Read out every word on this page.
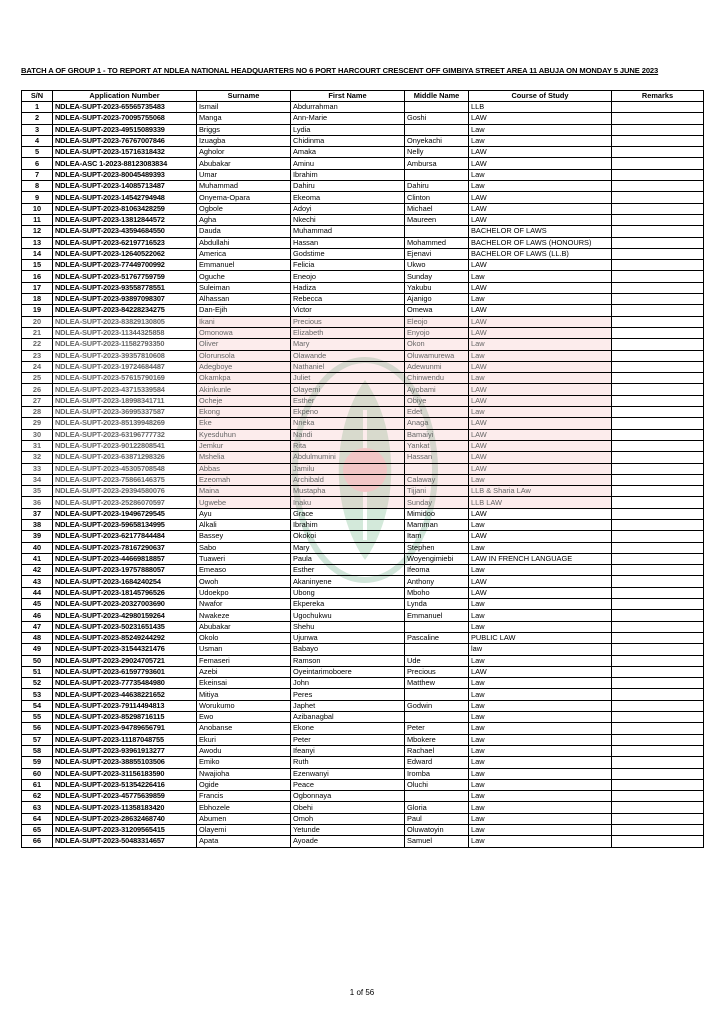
BATCH A OF GROUP 1 - TO REPORT AT NDLEA NATIONAL HEADQUARTERS NO 6 PORT HARCOURT CRESCENT OFF GIMBIYA STREET AREA 11 ABUJA ON MONDAY 5 JUNE 2023
S/N	Application Number	Surname	First Name	Middle Name	Course of Study	Remarks
1	NDLEA-SUPT-2023-65565735483	Ismail	Abdurrahman		LLB	
2	NDLEA-SUPT-2023-70095755068	Manga	Ann-Marie	Goshi	LAW	
3	NDLEA-SUPT-2023-49515089339	Briggs	Lydia		Law	
4	NDLEA-SUPT-2023-76767007846	Izuagba	Chidinma	Onyekachi	Law	
5	NDLEA-SUPT-2023-15716318432	Agholor	Amaka	Nelly	LAW	
6	NDLEA-ASC 1-2023-88123083834	Abubakar	Aminu	Ambursa	LAW	
7	NDLEA-SUPT-2023-80045489393	Umar	Ibrahim		Law	
8	NDLEA-SUPT-2023-14085713487	Muhammad	Dahiru	Dahiru	Law	
9	NDLEA-SUPT-2023-14542794948	Onyema-Opara	Ekeoma	Clinton	LAW	
10	NDLEA-SUPT-2023-81063428259	Ogbole	Adoyi	Michael	LAW	
11	NDLEA-SUPT-2023-13812844572	Agha	Nkechi	Maureen	LAW	
12	NDLEA-SUPT-2023-43594684550	Dauda	Muhammad		BACHELOR OF LAWS	
13	NDLEA-SUPT-2023-62197716523	Abdullahi	Hassan	Mohammed	BACHELOR OF LAWS (HONOURS)	
14	NDLEA-SUPT-2023-12640522062	America	Godstime	Ejenavi	BACHELOR OF LAWS (LL.B)	
15	NDLEA-SUPT-2023-77449700992	Emmanuel	Felicia	Ukwo	LAW	
16	NDLEA-SUPT-2023-51767759759	Oguche	Eneojo	Sunday	Law	
17	NDLEA-SUPT-2023-93558778551	Suleiman	Hadiza	Yakubu	LAW	
18	NDLEA-SUPT-2023-93897098307	Alhassan	Rebecca	Ajanigo	Law	
19	NDLEA-SUPT-2023-84228234275	Dan-Ejih	Victor	Omewa	LAW	
20	NDLEA-SUPT-2023-83829130805	Ikani	Precious	Eleojo	LAW	
21	NDLEA-SUPT-2023-11344325858	Omonowa	Elizabeth	Enyojo	LAW	
22	NDLEA-SUPT-2023-11582793350	Oliver	Mary	Okon	Law	
23	NDLEA-SUPT-2023-39357810608	Olorunsola	Olawande	Oluwamurewa	Law	
24	NDLEA-SUPT-2023-19724684487	Adegboye	Nathaniel	Adewunmi	LAW	
25	NDLEA-SUPT-2023-57615790169	Okamkpa	Juliet	Chinwendu	Law	
26	NDLEA-SUPT-2023-43715339584	Akinkunle	Olayemi	Ayobami	LAW	
27	NDLEA-SUPT-2023-18998341711	Ocheje	Esther	Obiye	LAW	
28	NDLEA-SUPT-2023-36995337587	Ekong	Ekpeno	Edet	Law	
29	NDLEA-SUPT-2023-85139948269	Eke	Nneka	Anaga	LAW	
30	NDLEA-SUPT-2023-63196777732	Kyesduhun	Nandi	Bamaiyi	LAW	
31	NDLEA-SUPT-2023-90122808541	Jemkur	Rita	Yankat	LAW	
32	NDLEA-SUPT-2023-63871298326	Mshelia	Abdulmumini	Hassan	LAW	
33	NDLEA-SUPT-2023-45305708548	Abbas	Jamilu		LAW	
34	NDLEA-SUPT-2023-75866146375	Ezeomah	Archibald	Calaway	Law	
35	NDLEA-SUPT-2023-29394580076	Maina	Mustapha	Tijjani	LLB & Sharia LAw	
36	NDLEA-SUPT-2023-25286070597	Ugwebe	Inaku	Sunday	LLB LAW	
37	NDLEA-SUPT-2023-19496729545	Ayu	Grace	Mimidoo	LAW	
38	NDLEA-SUPT-2023-59658134995	Alkali	Ibrahim	Mamman	Law	
39	NDLEA-SUPT-2023-62177844484	Bassey	Okokoi	Itam	LAW	
40	NDLEA-SUPT-2023-78167290637	Sabo	Mary	Stephen	Law	
41	NDLEA-SUPT-2023-44669818857	Tuaweri	Paula	Woyengimiebi	LAW IN FRENCH LANGUAGE	
42	NDLEA-SUPT-2023-19757888057	Emeaso	Esther	Ifeoma	Law	
43	NDLEA-SUPT-2023-1684240254	Owoh	Akaninyene	Anthony	LAW	
44	NDLEA-SUPT-2023-18145796526	Udoekpo	Ubong	Mboho	LAW	
45	NDLEA-SUPT-2023-20327003690	Nwafor	Ekpereka	Lynda	Law	
46	NDLEA-SUPT-2023-42980159264	Nwakeze	Ugochukwu	Emmanuel	Law	
47	NDLEA-SUPT-2023-50231651435	Abubakar	Shehu		Law	
48	NDLEA-SUPT-2023-85249244292	Okolo	Ujunwa	Pascaline	PUBLIC LAW	
49	NDLEA-SUPT-2023-31544321476	Usman	Babayo		law	
50	NDLEA-SUPT-2023-29024705721	Femaseri	Ramson	Ude	Law	
51	NDLEA-SUPT-2023-61597793601	Azebi	Oyeintarimoboere	Precious	LAW	
52	NDLEA-SUPT-2023-77735484980	Ekeinsai	John	Matthew	Law	
53	NDLEA-SUPT-2023-44638221652	Mitiya	Peres		Law	
54	NDLEA-SUPT-2023-79114494813	Worukumo	Japhet	Godwin	Law	
55	NDLEA-SUPT-2023-85298716115	Ewo	Azibanagbal		Law	
56	NDLEA-SUPT-2023-94789656791	Anobanse	Ekone	Peter	Law	
57	NDLEA-SUPT-2023-11187048755	Ekuri	Peter	Mbokere	Law	
58	NDLEA-SUPT-2023-93961913277	Awodu	Ifeanyi	Rachael	Law	
59	NDLEA-SUPT-2023-38855103506	Emiko	Ruth	Edward	Law	
60	NDLEA-SUPT-2023-31156183590	Nwajioha	Ezenwanyi	Iromba	Law	
61	NDLEA-SUPT-2023-51354226416	Ogide	Peace	Oluchi	Law	
62	NDLEA-SUPT-2023-45775639859	Francis	Ogbonnaya		Law	
63	NDLEA-SUPT-2023-11358183420	Ebhozele	Obehi	Gloria	Law	
64	NDLEA-SUPT-2023-28632468740	Abumen	Omoh	Paul	Law	
65	NDLEA-SUPT-2023-31209565415	Olayemi	Yetunde	Oluwatoyin	Law	
66	NDLEA-SUPT-2023-50483314657	Apata	Ayoade	Samuel	Law	
1 of 56
